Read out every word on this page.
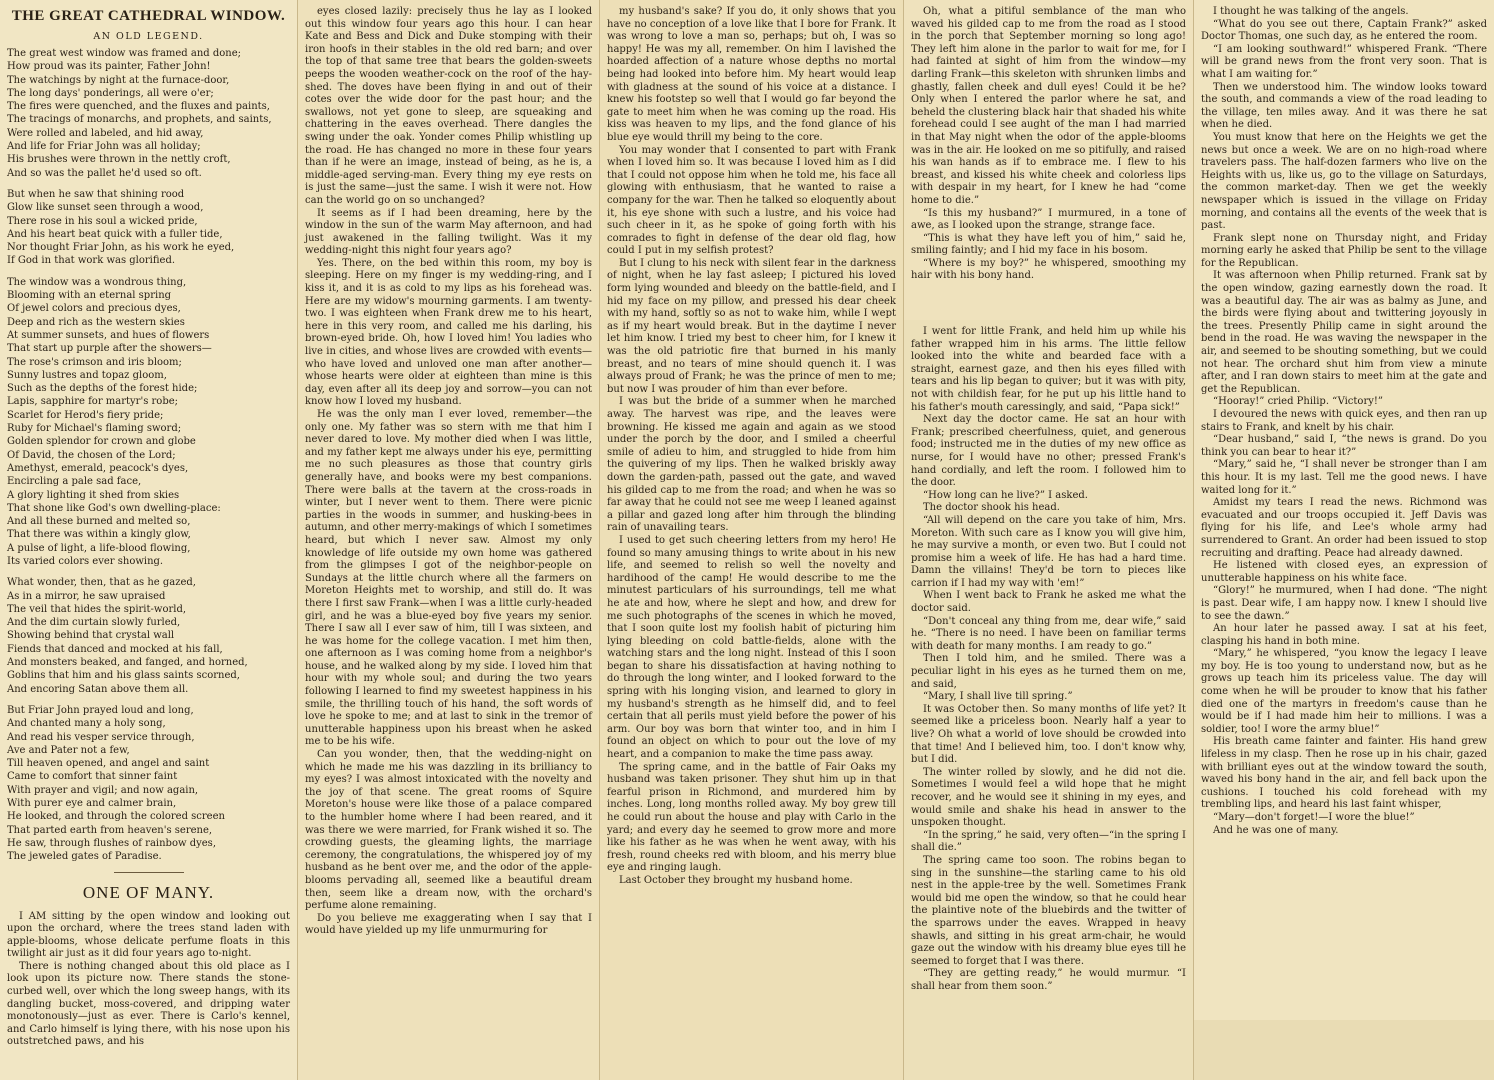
THE GREAT CATHEDRAL WINDOW.
AN OLD LEGEND.

The great west window was framed and done;

How proud was its painter, Father John!

The watchings by night at the furnace-door,

The long days' ponderings, all were o'er;

The fires were quenched, and the fluxes and paints,

The tracings of monarchs, and prophets, and saints,

Were rolled and labeled, and hid away,

And life for Friar John was all holiday;

His brushes were thrown in the nettly croft,

And so was the pallet he'd used so oft.

But when he saw that shining rood

Glow like sunset seen through a wood,

There rose in his soul a wicked pride,

And his heart beat quick with a fuller tide,

Nor thought Friar John, as his work he eyed,

If God in that work was glorified.

The window was a wondrous thing,

Blooming with an eternal spring

Of jewel colors and precious dyes,

Deep and rich as the western skies

At summer sunsets, and hues of flowers

That start up purple after the showers—

The rose's crimson and iris bloom;

Sunny lustres and topaz gloom,

Such as the depths of the forest hide;

Lapis, sapphire for martyr's robe;

Scarlet for Herod's fiery pride;

Ruby for Michael's flaming sword;

Golden splendor for crown and globe

Of David, the chosen of the Lord;

Amethyst, emerald, peacock's dyes,

Encircling a pale sad face,

A glory lighting it shed from skies

That shone like God's own dwelling-place:

And all these burned and melted so,

That there was within a kingly glow,

A pulse of light, a life-blood flowing,

Its varied colors ever showing.

What wonder, then, that as he gazed,

As in a mirror, he saw upraised

The veil that hides the spirit-world,

And the dim curtain slowly furled,

Showing behind that crystal wall

Fiends that danced and mocked at his fall,

And monsters beaked, and fanged, and horned,

Goblins that him and his glass saints scorned,

And encoring Satan above them all.

But Friar John prayed loud and long,

And chanted many a holy song,

And read his vesper service through,

Ave and Pater not a few,

Till heaven opened, and angel and saint

Came to comfort that sinner faint

With prayer and vigil; and now again,

With purer eye and calmer brain,

He looked, and through the colored screen

That parted earth from heaven's serene,

He saw, through flushes of rainbow dyes,

The jeweled gates of Paradise.

ONE OF MANY.

I AM sitting by the open window and looking out upon the orchard, where the trees stand laden with apple-blooms, whose delicate perfume floats in this twilight air just as it did four years ago to-night.

There is nothing changed about this old place as I look upon its picture now. There stands the stone-curbed well, over which the long sweep hangs, with its dangling bucket, moss-covered, and dripping water monotonously—just as ever. There is Carlo's kennel, and Carlo himself is lying there, with his nose upon his outstretched paws, and his

eyes closed lazily: precisely thus he lay as I looked out this window four years ago this hour. I can hear Kate and Bess and Dick and Duke stomping with their iron hoofs in their stables in the old red barn; and over the top of that same tree that bears the golden-sweets peeps the wooden weather-cock on the roof of the hay-shed. The doves have been flying in and out of their cotes over the wide door for the past hour; and the swallows, not yet gone to sleep, are squeaking and chattering in the eaves overhead. There dangles the swing under the oak. Yonder comes Philip whistling up the road. He has changed no more in these four years than if he were an image, instead of being, as he is, a middle-aged serving-man. Every thing my eye rests on is just the same—just the same. I wish it were not. How can the world go on so unchanged?

It seems as if I had been dreaming, here by the window in the sun of the warm May afternoon, and had just awakened in the falling twilight. Was it my wedding-night this night four years ago?

Yes. There, on the bed within this room, my boy is sleeping. Here on my finger is my wedding-ring, and I kiss it, and it is as cold to my lips as his forehead was. Here are my widow's mourning garments. I am twenty-two. I was eighteen when Frank drew me to his heart, here in this very room, and called me his darling, his brown-eyed bride. Oh, how I loved him! You ladies who live in cities, and whose lives are crowded with events—who have loved and unloved one man after another—whose hearts were older at eighteen than mine is this day, even after all its deep joy and sorrow—you can not know how I loved my husband.

He was the only man I ever loved, remember—the only one. My father was so stern with me that him I never dared to love. My mother died when I was little, and my father kept me always under his eye, permitting me no such pleasures as those that country girls generally have, and books were my best companions. There were balls at the tavern at the cross-roads in winter, but I never went to them. There were picnic parties in the woods in summer, and husking-bees in autumn, and other merry-makings of which I sometimes heard, but which I never saw. Almost my only knowledge of life outside my own home was gathered from the glimpses I got of the neighbor-people on Sundays at the little church where all the farmers on Moreton Heights met to worship, and still do. It was there I first saw Frank—when I was a little curly-headed girl, and he was a blue-eyed boy five years my senior. There I saw all I ever saw of him, till I was sixteen, and he was home for the college vacation. I met him then, one afternoon as I was coming home from a neighbor's house, and he walked along by my side. I loved him that hour with my whole soul; and during the two years following I learned to find my sweetest happiness in his smile, the thrilling touch of his hand, the soft words of love he spoke to me; and at last to sink in the tremor of unutterable happiness upon his breast when he asked me to be his wife.

Can you wonder, then, that the wedding-night on which he made me his was dazzling in its brilliancy to my eyes? I was almost intoxicated with the novelty and the joy of that scene. The great rooms of Squire Moreton's house were like those of a palace compared to the humbler home where I had been reared, and it was there we were married, for Frank wished it so. The crowding guests, the gleaming lights, the marriage ceremony, the congratulations, the whispered joy of my husband as he bent over me, and the odor of the apple-blooms pervading all, seemed like a beautiful dream then, seem like a dream now, with the orchard's perfume alone remaining.

Do you believe me exaggerating when I say that I would have yielded up my life unmurmuring for

my husband's sake? If you do, it only shows that you have no conception of a love like that I bore for Frank. It was wrong to love a man so, perhaps; but oh, I was so happy! He was my all, remember. On him I lavished the hoarded affection of a nature whose depths no mortal being had looked into before him. My heart would leap with gladness at the sound of his voice at a distance. I knew his footstep so well that I would go far beyond the gate to meet him when he was coming up the road. His kiss was heaven to my lips, and the fond glance of his blue eye would thrill my being to the core.

You may wonder that I consented to part with Frank when I loved him so. It was because I loved him as I did that I could not oppose him when he told me, his face all glowing with enthusiasm, that he wanted to raise a company for the war. Then he talked so eloquently about it, his eye shone with such a lustre, and his voice had such cheer in it, as he spoke of going forth with his comrades to fight in defense of the dear old flag, how could I put in my selfish protest?

But I clung to his neck with silent fear in the darkness of night, when he lay fast asleep; I pictured his loved form lying wounded and bleedy on the battle-field, and I hid my face on my pillow, and pressed his dear cheek with my hand, softly so as not to wake him, while I wept as if my heart would break. But in the daytime I never let him know. I tried my best to cheer him, for I knew it was the old patriotic fire that burned in his manly breast, and no tears of mine should quench it. I was always proud of Frank; he was the prince of men to me; but now I was prouder of him than ever before.

I was but the bride of a summer when he marched away. The harvest was ripe, and the leaves were browning. He kissed me again and again as we stood under the porch by the door, and I smiled a cheerful smile of adieu to him, and struggled to hide from him the quivering of my lips. Then he walked briskly away down the garden-path, passed out the gate, and waved his gilded cap to me from the road; and when he was so far away that he could not see me weep I leaned against a pillar and gazed long after him through the blinding rain of unavailing tears.

I used to get such cheering letters from my hero! He found so many amusing things to write about in his new life, and seemed to relish so well the novelty and hardihood of the camp! He would describe to me the minutest particulars of his surroundings, tell me what he ate and how, where he slept and how, and drew for me such photographs of the scenes in which he moved, that I soon quite lost my foolish habit of picturing him lying bleeding on cold battle-fields, alone with the watching stars and the long night. Instead of this I soon began to share his dissatisfaction at having nothing to do through the long winter, and I looked forward to the spring with his longing vision, and learned to glory in my husband's strength as he himself did, and to feel certain that all perils must yield before the power of his arm. Our boy was born that winter too, and in him I found an object on which to pour out the love of my heart, and a companion to make the time pass away.

The spring came, and in the battle of Fair Oaks my husband was taken prisoner. They shut him up in that fearful prison in Richmond, and murdered him by inches. Long, long months rolled away. My boy grew till he could run about the house and play with Carlo in the yard; and every day he seemed to grow more and more like his father as he was when he went away, with his fresh, round cheeks red with bloom, and his merry blue eye and ringing laugh.

Last October they brought my husband home.

Oh, what a pitiful semblance of the man who waved his gilded cap to me from the road as I stood in the porch that September morning so long ago! They left him alone in the parlor to wait for me, for I had fainted at sight of him from the window—my darling Frank—this skeleton with shrunken limbs and ghastly, fallen cheek and dull eyes! Could it be he? Only when I entered the parlor where he sat, and beheld the clustering black hair that shaded his white forehead could I see aught of the man I had married in that May night when the odor of the apple-blooms was in the air. He looked on me so pitifully, and raised his wan hands as if to embrace me. I flew to his breast, and kissed his white cheek and colorless lips with despair in my heart, for I knew he had “come home to die.”

“Is this my husband?” I murmured, in a tone of awe, as I looked upon the strange, strange face.

“This is what they have left you of him,” said he, smiling faintly; and I hid my face in his bosom.

“Where is my boy?” he whispered, smoothing my hair with his bony hand.

I went for little Frank, and held him up while his father wrapped him in his arms. The little fellow looked into the white and bearded face with a straight, earnest gaze, and then his eyes filled with tears and his lip began to quiver; but it was with pity, not with childish fear, for he put up his little hand to his father's mouth caressingly, and said, “Papa sick!”

Next day the doctor came. He sat an hour with Frank; prescribed cheerfulness, quiet, and generous food; instructed me in the duties of my new office as nurse, for I would have no other; pressed Frank's hand cordially, and left the room. I followed him to the door.

“How long can he live?” I asked.

The doctor shook his head.

“All will depend on the care you take of him, Mrs. Moreton. With such care as I know you will give him, he may survive a month, or even two. But I could not promise him a week of life. He has had a hard time. Damn the villains! They'd be torn to pieces like carrion if I had my way with 'em!”

When I went back to Frank he asked me what the doctor said.

“Don't conceal any thing from me, dear wife,” said he. “There is no need. I have been on familiar terms with death for many months. I am ready to go.”

Then I told him, and he smiled. There was a peculiar light in his eyes as he turned them on me, and said,

“Mary, I shall live till spring.”

It was October then. So many months of life yet? It seemed like a priceless boon. Nearly half a year to live? Oh what a world of love should be crowded into that time! And I believed him, too. I don't know why, but I did.

The winter rolled by slowly, and he did not die. Sometimes I would feel a wild hope that he might recover, and he would see it shining in my eyes, and would smile and shake his head in answer to the unspoken thought.

“In the spring,” he said, very often—“in the spring I shall die.”

The spring came too soon. The robins began to sing in the sunshine—the starling came to his old nest in the apple-tree by the well. Sometimes Frank would bid me open the window, so that he could hear the plaintive note of the bluebirds and the twitter of the sparrows under the eaves. Wrapped in heavy shawls, and sitting in his great arm-chair, he would gaze out the window with his dreamy blue eyes till he seemed to forget that I was there.

“They are getting ready,” he would murmur. “I shall hear from them soon.”

I thought he was talking of the angels.

“What do you see out there, Captain Frank?” asked Doctor Thomas, one such day, as he entered the room.

“I am looking southward!” whispered Frank. “There will be grand news from the front very soon. That is what I am waiting for.”

Then we understood him. The window looks toward the south, and commands a view of the road leading to the village, ten miles away. And it was there he sat when he died.

You must know that here on the Heights we get the news but once a week. We are on no high-road where travelers pass. The half-dozen farmers who live on the Heights with us, like us, go to the village on Saturdays, the common market-day. Then we get the weekly newspaper which is issued in the village on Friday morning, and contains all the events of the week that is past.

Frank slept none on Thursday night, and Friday morning early he asked that Philip be sent to the village for the Republican.

It was afternoon when Philip returned. Frank sat by the open window, gazing earnestly down the road. It was a beautiful day. The air was as balmy as June, and the birds were flying about and twittering joyously in the trees. Presently Philip came in sight around the bend in the road. He was waving the newspaper in the air, and seemed to be shouting something, but we could not hear. The orchard shut him from view a minute after, and I ran down stairs to meet him at the gate and get the Republican.

“Hooray!” cried Philip. “Victory!”

I devoured the news with quick eyes, and then ran up stairs to Frank, and knelt by his chair.

“Dear husband,” said I, “the news is grand. Do you think you can bear to hear it?”

“Mary,” said he, “I shall never be stronger than I am this hour. It is my last. Tell me the good news. I have waited long for it.”

Amidst my tears I read the news. Richmond was evacuated and our troops occupied it. Jeff Davis was flying for his life, and Lee's whole army had surrendered to Grant. An order had been issued to stop recruiting and drafting. Peace had already dawned.

He listened with closed eyes, an expression of unutterable happiness on his white face.

“Glory!” he murmured, when I had done. “The night is past. Dear wife, I am happy now. I knew I should live to see the dawn.”

An hour later he passed away. I sat at his feet, clasping his hand in both mine.

“Mary,” he whispered, “you know the legacy I leave my boy. He is too young to understand now, but as he grows up teach him its priceless value. The day will come when he will be prouder to know that his father died one of the martyrs in freedom's cause than he would be if I had made him heir to millions. I was a soldier, too! I wore the army blue!”

His breath came fainter and fainter. His hand grew lifeless in my clasp. Then he rose up in his chair, gazed with brilliant eyes out at the window toward the south, waved his bony hand in the air, and fell back upon the cushions. I touched his cold forehead with my trembling lips, and heard his last faint whisper,

“Mary—don't forget!—I wore the blue!”

And he was one of many.
